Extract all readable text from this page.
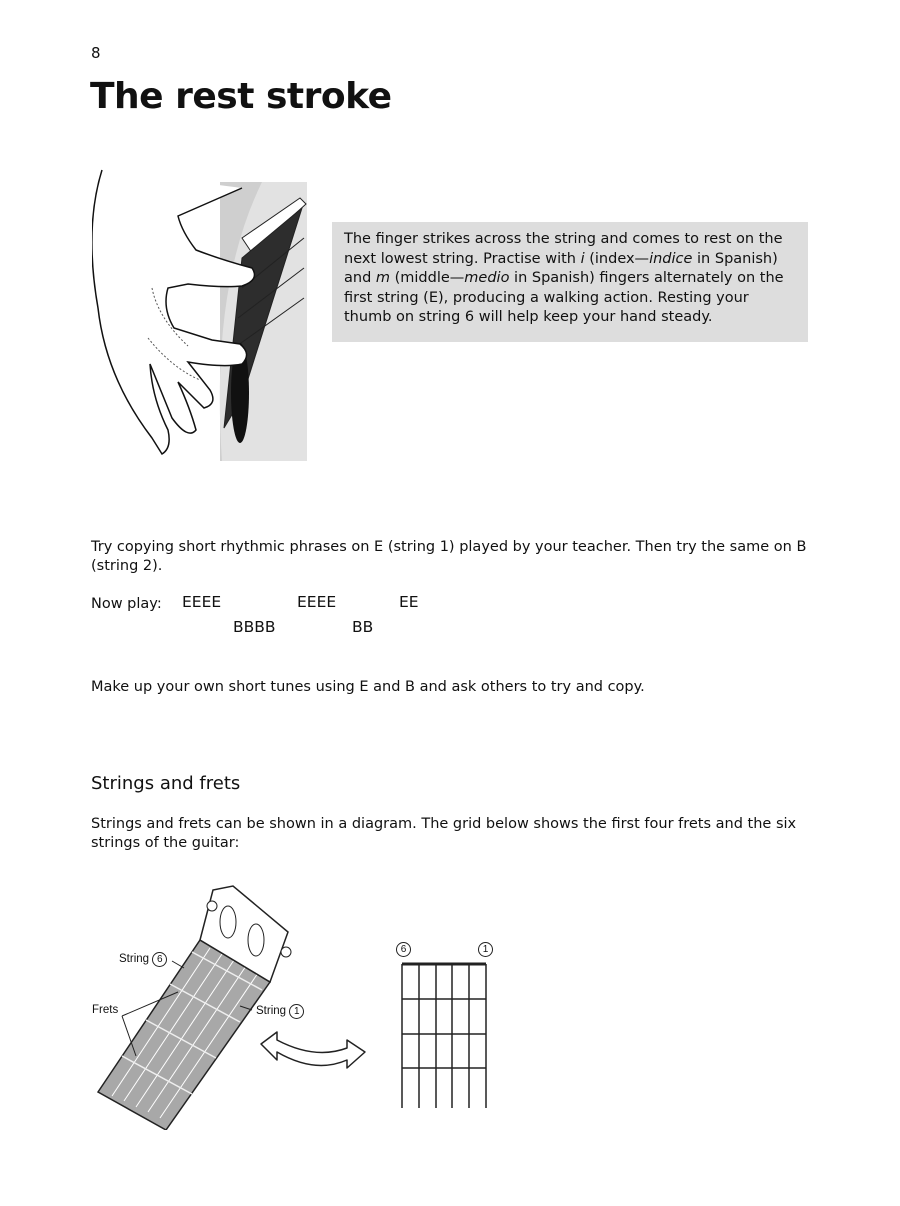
8
The rest stroke

The finger strikes across the string and comes to rest on the next lowest string. Practise with i (index—indice in Spanish) and m (middle—medio in Spanish) fingers alternately on the first string (E), producing a walking action. Resting your thumb on string 6 will help keep your hand steady.

Try copying short rhythmic phrases on E (string 1) played by your teacher. Then try the same on B (string 2).
Now play: EEEE	EEEE	EE
BBBB	BB
Make up your own short tunes using E and B and ask others to try and copy.
Strings and frets
Strings and frets can be shown in a diagram. The grid below shows the first four frets and the six strings of the guitar:
String 6
String 1
Frets
6	1
